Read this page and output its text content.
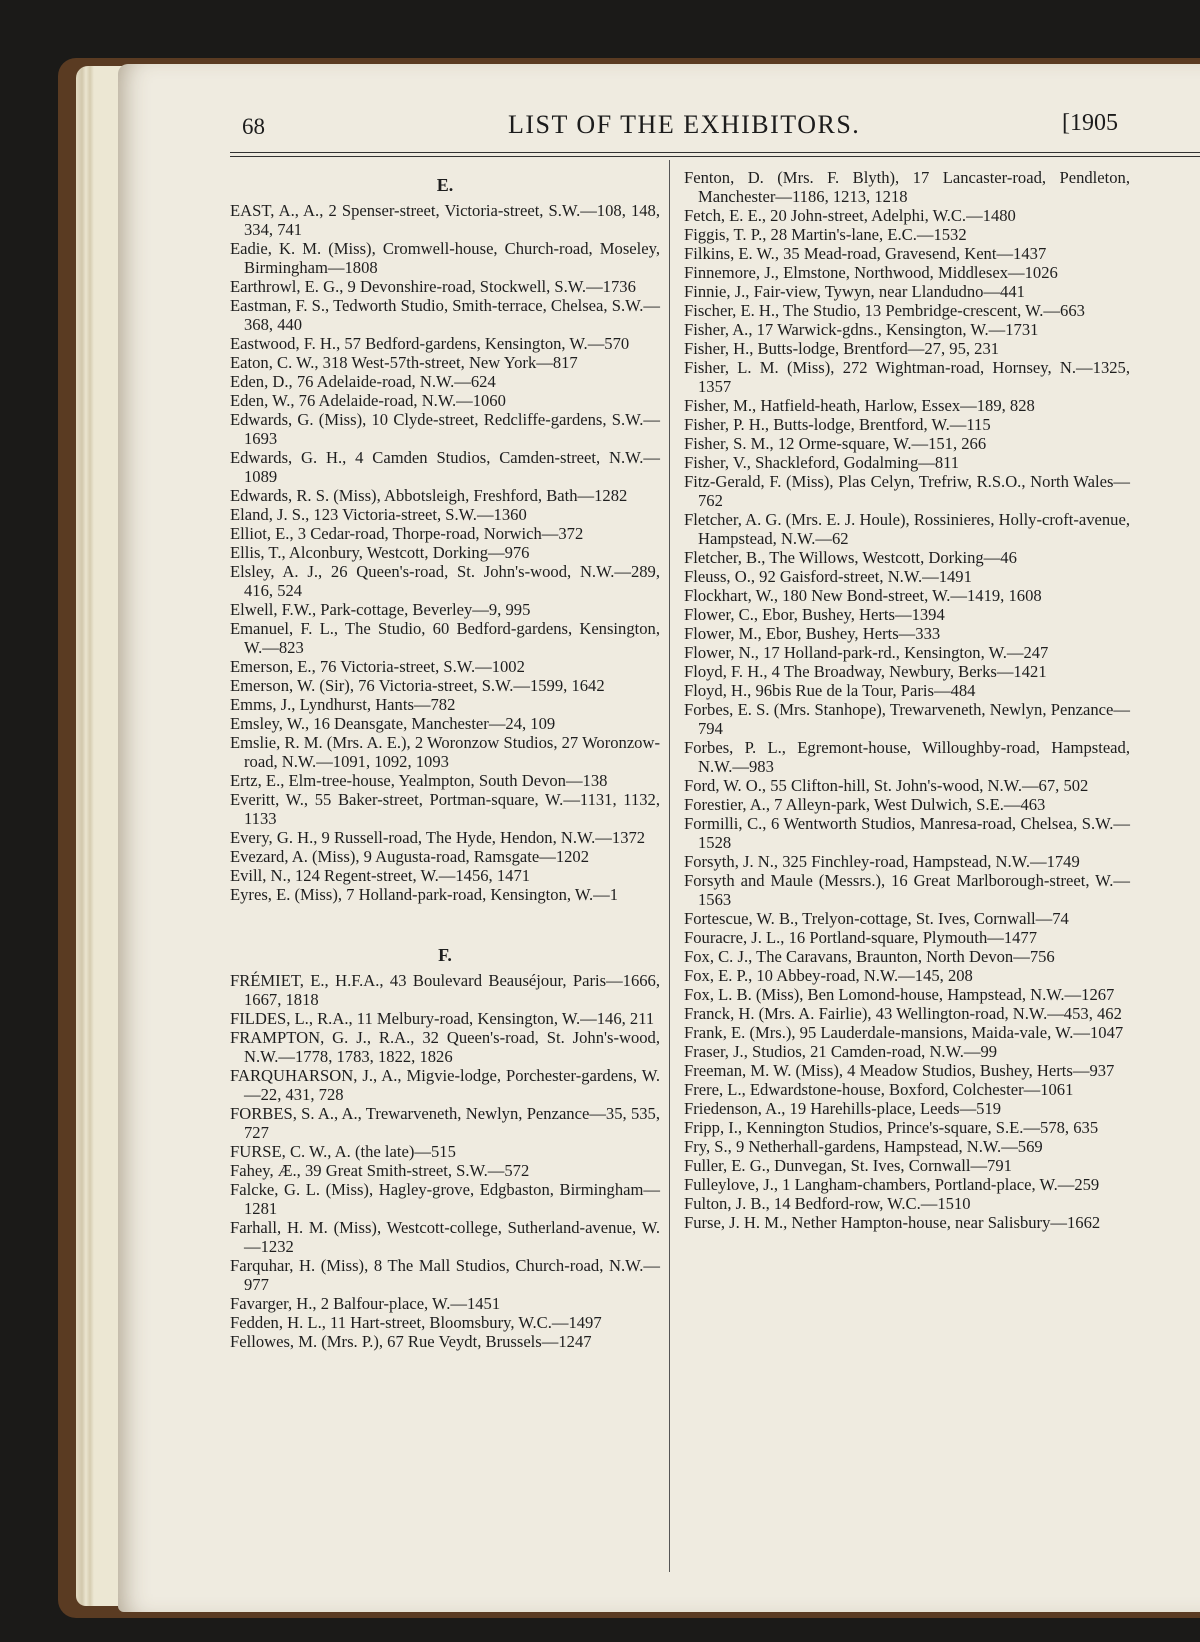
68	LIST OF THE EXHIBITORS.	[1905
E.

EAST, A., A., 2 Spenser-street, Victoria-street, S.W.—108, 148, 334, 741

Eadie, K. M. (Miss), Cromwell-house, Church-road, Moseley, Birmingham—1808

Earthrowl, E. G., 9 Devonshire-road, Stockwell, S.W.—1736

Eastman, F. S., Tedworth Studio, Smith-terrace, Chelsea, S.W.—368, 440

Eastwood, F. H., 57 Bedford-gardens, Kensington, W.—570

Eaton, C. W., 318 West-57th-street, New York—817

Eden, D., 76 Adelaide-road, N.W.—624

Eden, W., 76 Adelaide-road, N.W.—1060

Edwards, G. (Miss), 10 Clyde-street, Redcliffe-gardens, S.W.—1693

Edwards, G. H., 4 Camden Studios, Camden-street, N.W.—1089

Edwards, R. S. (Miss), Abbotsleigh, Freshford, Bath—1282

Eland, J. S., 123 Victoria-street, S.W.—1360

Elliot, E., 3 Cedar-road, Thorpe-road, Norwich—372

Ellis, T., Alconbury, Westcott, Dorking—976

Elsley, A. J., 26 Queen's-road, St. John's-wood, N.W.—289, 416, 524

Elwell, F.W., Park-cottage, Beverley—9, 995

Emanuel, F. L., The Studio, 60 Bedford-gardens, Kensington, W.—823

Emerson, E., 76 Victoria-street, S.W.—1002

Emerson, W. (Sir), 76 Victoria-street, S.W.—1599, 1642

Emms, J., Lyndhurst, Hants—782

Emsley, W., 16 Deansgate, Manchester—24, 109

Emslie, R. M. (Mrs. A. E.), 2 Woronzow Studios, 27 Woronzow-road, N.W.—1091, 1092, 1093

Ertz, E., Elm-tree-house, Yealmpton, South Devon—138

Everitt, W., 55 Baker-street, Portman-square, W.—1131, 1132, 1133

Every, G. H., 9 Russell-road, The Hyde, Hendon, N.W.—1372

Evezard, A. (Miss), 9 Augusta-road, Ramsgate—1202

Evill, N., 124 Regent-street, W.—1456, 1471

Eyres, E. (Miss), 7 Holland-park-road, Kensington, W.—1

F.

FRÉMIET, E., H.F.A., 43 Boulevard Beauséjour, Paris—1666, 1667, 1818

FILDES, L., R.A., 11 Melbury-road, Kensington, W.—146, 211

FRAMPTON, G. J., R.A., 32 Queen's-road, St. John's-wood, N.W.—1778, 1783, 1822, 1826

FARQUHARSON, J., A., Migvie-lodge, Porchester-gardens, W.—22, 431, 728

FORBES, S. A., A., Trewarveneth, Newlyn, Penzance—35, 535, 727

FURSE, C. W., A. (the late)—515

Fahey, Æ., 39 Great Smith-street, S.W.—572

Falcke, G. L. (Miss), Hagley-grove, Edgbaston, Birmingham—1281

Farhall, H. M. (Miss), Westcott-college, Sutherland-avenue, W.—1232

Farquhar, H. (Miss), 8 The Mall Studios, Church-road, N.W.—977

Favarger, H., 2 Balfour-place, W.—1451

Fedden, H. L., 11 Hart-street, Bloomsbury, W.C.—1497

Fellowes, M. (Mrs. P.), 67 Rue Veydt, Brussels—1247

Fenton, D. (Mrs. F. Blyth), 17 Lancaster-road, Pendleton, Manchester—1186, 1213, 1218

Fetch, E. E., 20 John-street, Adelphi, W.C.—1480

Figgis, T. P., 28 Martin's-lane, E.C.—1532

Filkins, E. W., 35 Mead-road, Gravesend, Kent—1437

Finnemore, J., Elmstone, Northwood, Middlesex—1026

Finnie, J., Fair-view, Tywyn, near Llandudno—441

Fischer, E. H., The Studio, 13 Pembridge-crescent, W.—663

Fisher, A., 17 Warwick-gdns., Kensington, W.—1731

Fisher, H., Butts-lodge, Brentford—27, 95, 231

Fisher, L. M. (Miss), 272 Wightman-road, Hornsey, N.—1325, 1357

Fisher, M., Hatfield-heath, Harlow, Essex—189, 828

Fisher, P. H., Butts-lodge, Brentford, W.—115

Fisher, S. M., 12 Orme-square, W.—151, 266

Fisher, V., Shackleford, Godalming—811

Fitz-Gerald, F. (Miss), Plas Celyn, Trefriw, R.S.O., North Wales—762

Fletcher, A. G. (Mrs. E. J. Houle), Rossinieres, Holly-croft-avenue, Hampstead, N.W.—62

Fletcher, B., The Willows, Westcott, Dorking—46

Fleuss, O., 92 Gaisford-street, N.W.—1491

Flockhart, W., 180 New Bond-street, W.—1419, 1608

Flower, C., Ebor, Bushey, Herts—1394

Flower, M., Ebor, Bushey, Herts—333

Flower, N., 17 Holland-park-rd., Kensington, W.—247

Floyd, F. H., 4 The Broadway, Newbury, Berks—1421

Floyd, H., 96bis Rue de la Tour, Paris—484

Forbes, E. S. (Mrs. Stanhope), Trewarveneth, Newlyn, Penzance—794

Forbes, P. L., Egremont-house, Willoughby-road, Hampstead, N.W.—983

Ford, W. O., 55 Clifton-hill, St. John's-wood, N.W.—67, 502

Forestier, A., 7 Alleyn-park, West Dulwich, S.E.—463

Formilli, C., 6 Wentworth Studios, Manresa-road, Chelsea, S.W.—1528

Forsyth, J. N., 325 Finchley-road, Hampstead, N.W.—1749

Forsyth and Maule (Messrs.), 16 Great Marlborough-street, W.—1563

Fortescue, W. B., Trelyon-cottage, St. Ives, Cornwall—74

Fouracre, J. L., 16 Portland-square, Plymouth—1477

Fox, C. J., The Caravans, Braunton, North Devon—756

Fox, E. P., 10 Abbey-road, N.W.—145, 208

Fox, L. B. (Miss), Ben Lomond-house, Hampstead, N.W.—1267

Franck, H. (Mrs. A. Fairlie), 43 Wellington-road, N.W.—453, 462

Frank, E. (Mrs.), 95 Lauderdale-mansions, Maida-vale, W.—1047

Fraser, J., Studios, 21 Camden-road, N.W.—99

Freeman, M. W. (Miss), 4 Meadow Studios, Bushey, Herts—937

Frere, L., Edwardstone-house, Boxford, Colchester—1061

Friedenson, A., 19 Harehills-place, Leeds—519

Fripp, I., Kennington Studios, Prince's-square, S.E.—578, 635

Fry, S., 9 Netherhall-gardens, Hampstead, N.W.—569

Fuller, E. G., Dunvegan, St. Ives, Cornwall—791

Fulleylove, J., 1 Langham-chambers, Portland-place, W.—259

Fulton, J. B., 14 Bedford-row, W.C.—1510

Furse, J. H. M., Nether Hampton-house, near Salisbury—1662
